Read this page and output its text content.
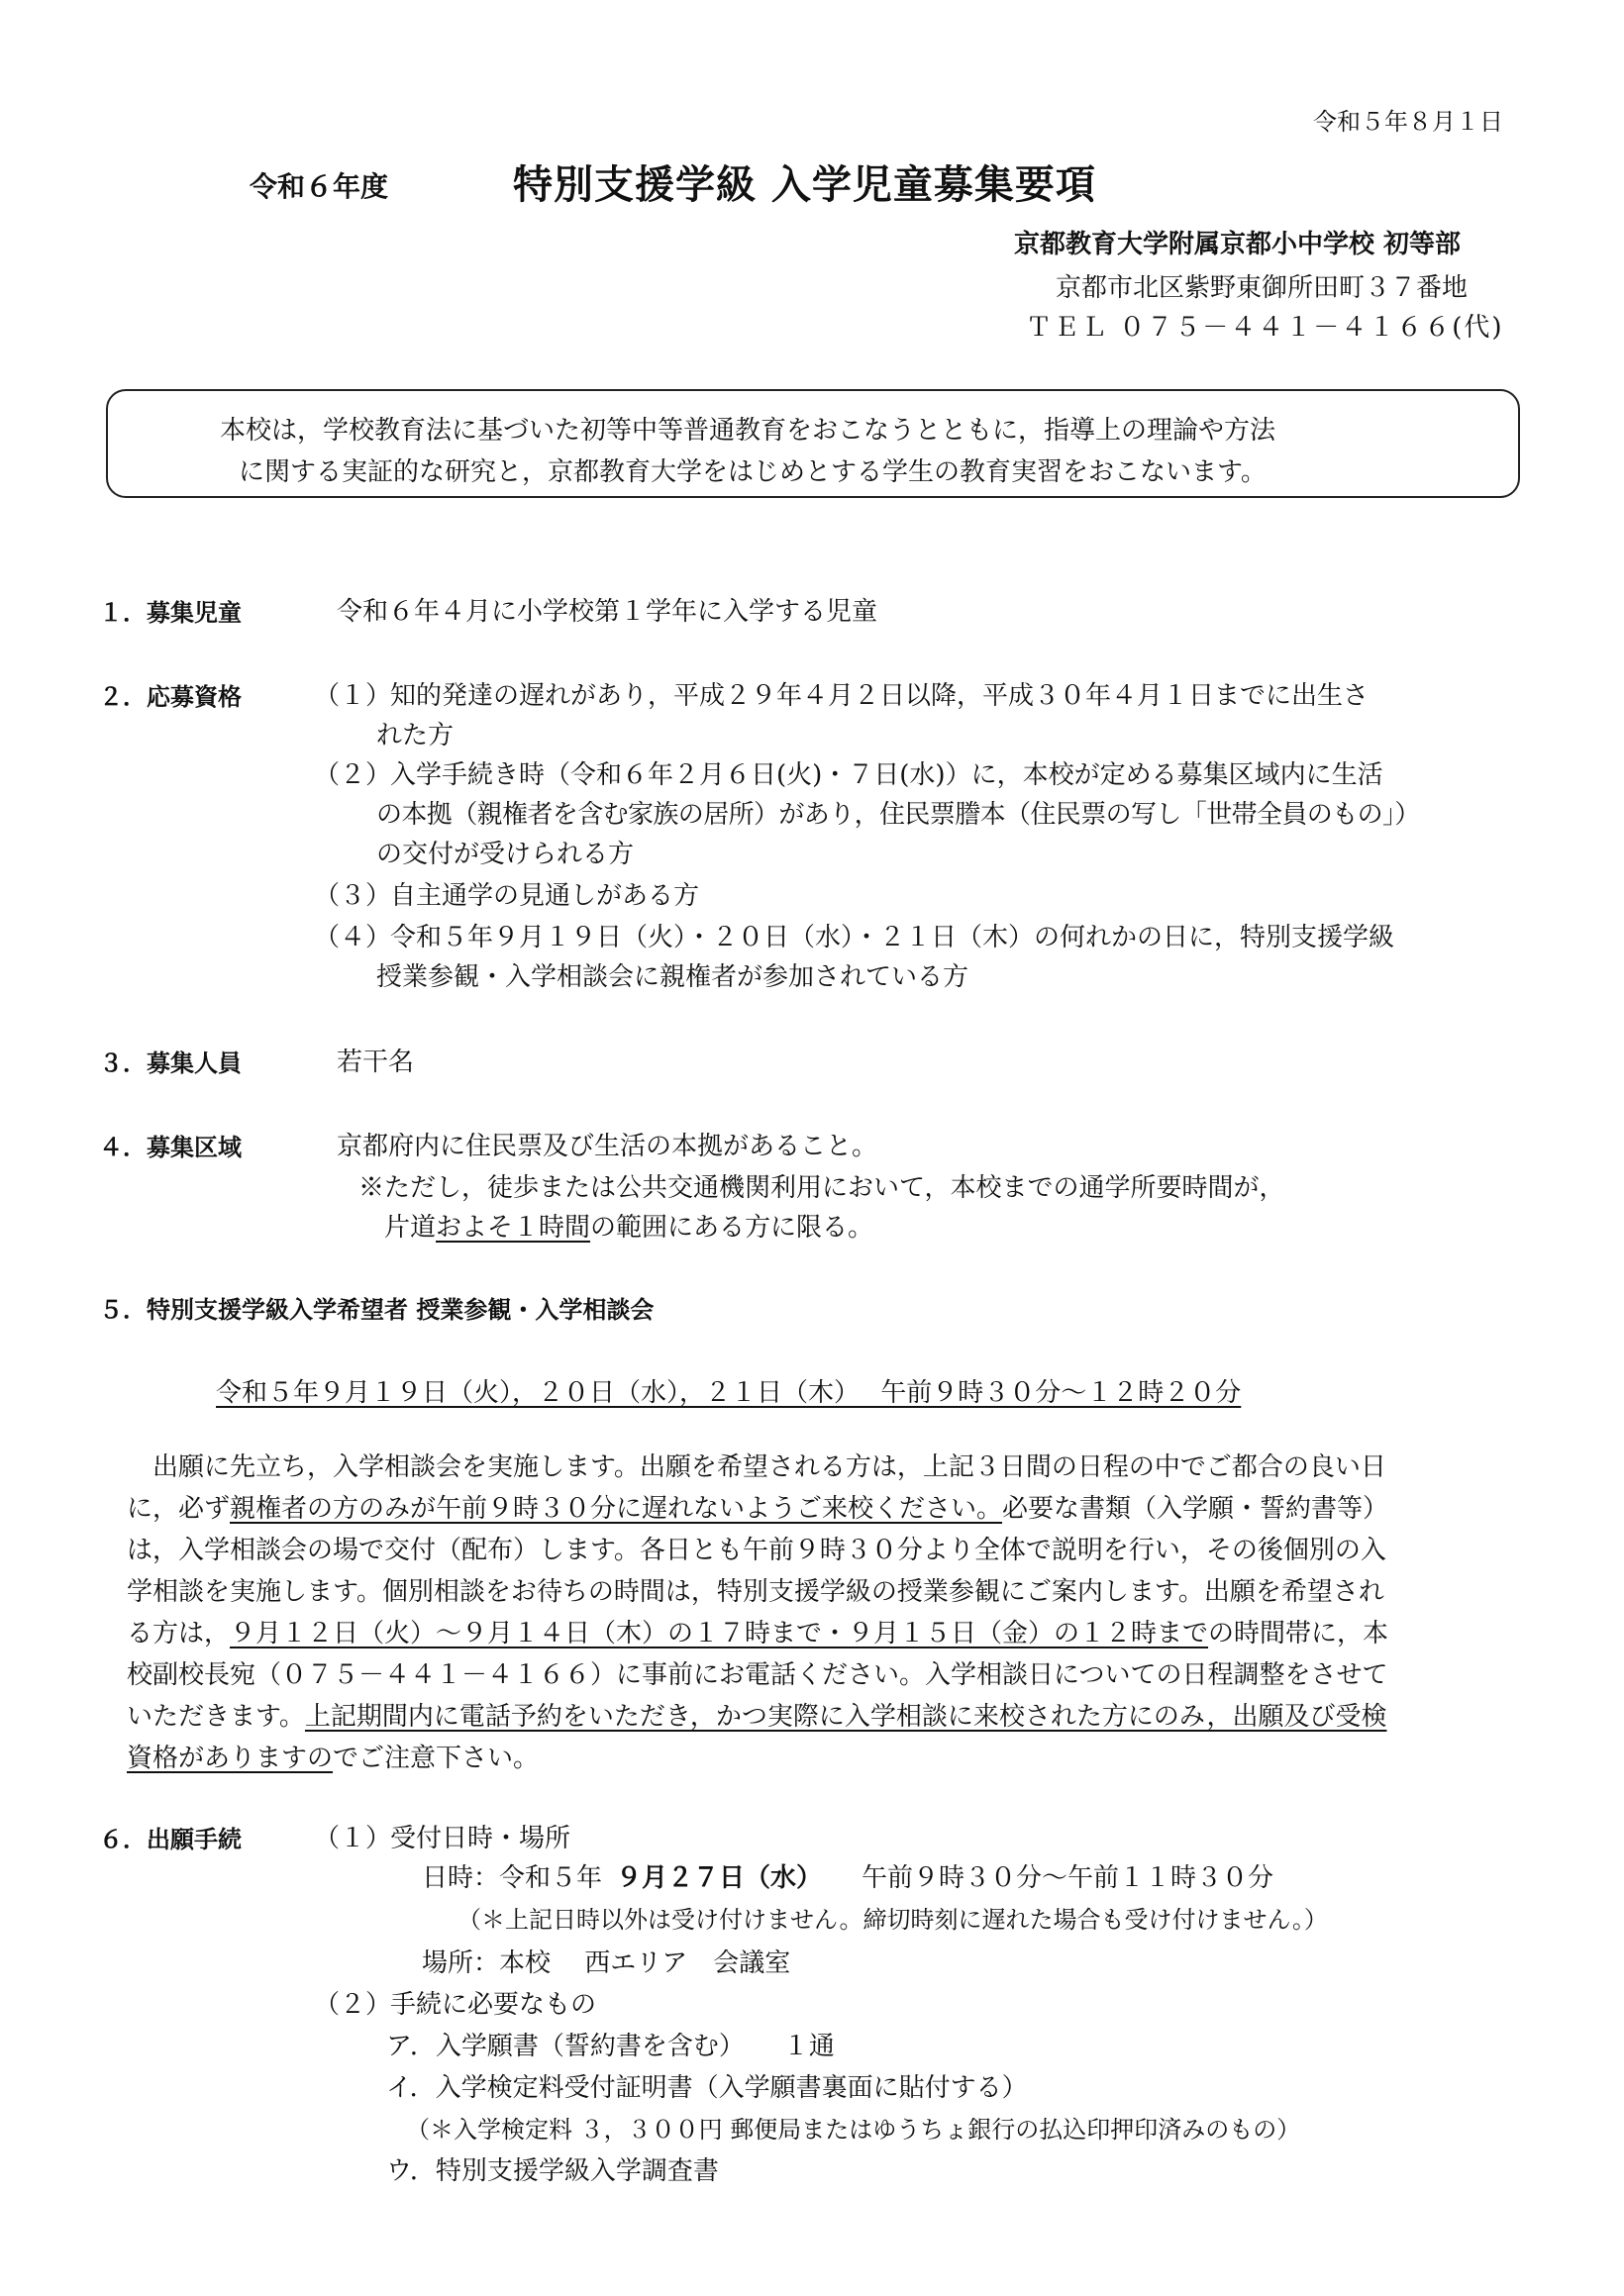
令和５年８月１日
令和６年度	特別支援学級 入学児童募集要項
京都教育大学附属京都小中学校 初等部
京都市北区紫野東御所田町３７番地
ＴＥＬ ０７５－４４１－４１６６(代)
本校は，学校教育法に基づいた初等中等普通教育をおこなうとともに，指導上の理論や方法
に関する実証的な研究と，京都教育大学をはじめとする学生の教育実習をおこないます。
１．募集児童	令和６年４月に小学校第１学年に入学する児童
２．応募資格	（１）
知的発達の遅れがあり，平成２９年４月２日以降，平成３０年４月１日までに出生さ
れた方
（２）
入学手続き時（令和６年２月６日(火)・７日(水)）に，本校が定める募集区域内に生活
の本拠（親権者を含む家族の居所）があり，住民票謄本（住民票の写し「世帯全員のもの」）
の交付が受けられる方
（３）
自主通学の見通しがある方
（４）
令和５年９月１９日（火）・２０日（水）・２１日（木）の何れかの日に，特別支援学級
授業参観・入学相談会に親権者が参加されている方
３．募集人員	若干名
４．募集区域	京都府内に住民票及び生活の本拠があること。
※ただし，徒歩または公共交通機関利用において，本校までの通学所要時間が，
片道およそ１時間の範囲にある方に限る。
５．特別支援学級入学希望者 授業参観・入学相談会
令和５年９月１９日（火），２０日（水），２１日（木）　 午前９時３０分～１２時２０分
出願に先立ち，入学相談会を実施します。出願を希望される方は，上記３日間の日程の中でご都合の良い日
に，必ず親権者の方のみが午前９時３０分に遅れないようご来校ください。必要な書類（入学願・誓約書等）
は，入学相談会の場で交付（配布）します。各日とも午前９時３０分より全体で説明を行い，その後個別の入
学相談を実施します。個別相談をお待ちの時間は，特別支援学級の授業参観にご案内します。出願を希望され
る方は，９月１２日（火）～９月１４日（木）の１７時まで・９月１５日（金）の１２時までの時間帯に，本
校副校長宛（０７５－４４１－４１６６）に事前にお電話ください。入学相談日についての日程調整をさせて
いただきます。上記期間内に電話予約をいただき，かつ実際に入学相談に来校された方にのみ，出願及び受検
資格がありますのでご注意下さい。
６．出願手続	（１）
受付日時・場所
日時：令和５年 ９月２７日（水） 午前９時３０分～午前１１時３０分
（＊上記日時以外は受け付けません。締切時刻に遅れた場合も受け付けません。）
場所：本校　 西エリア　会議室
（２）
手続に必要なもの
ア．入学願書（誓約書を含む）　　１通
イ．入学検定料受付証明書（入学願書裏面に貼付する）
（＊入学検定料 ３，３００円 郵便局またはゆうちょ銀行の払込印押印済みのもの）
ウ．特別支援学級入学調査書
